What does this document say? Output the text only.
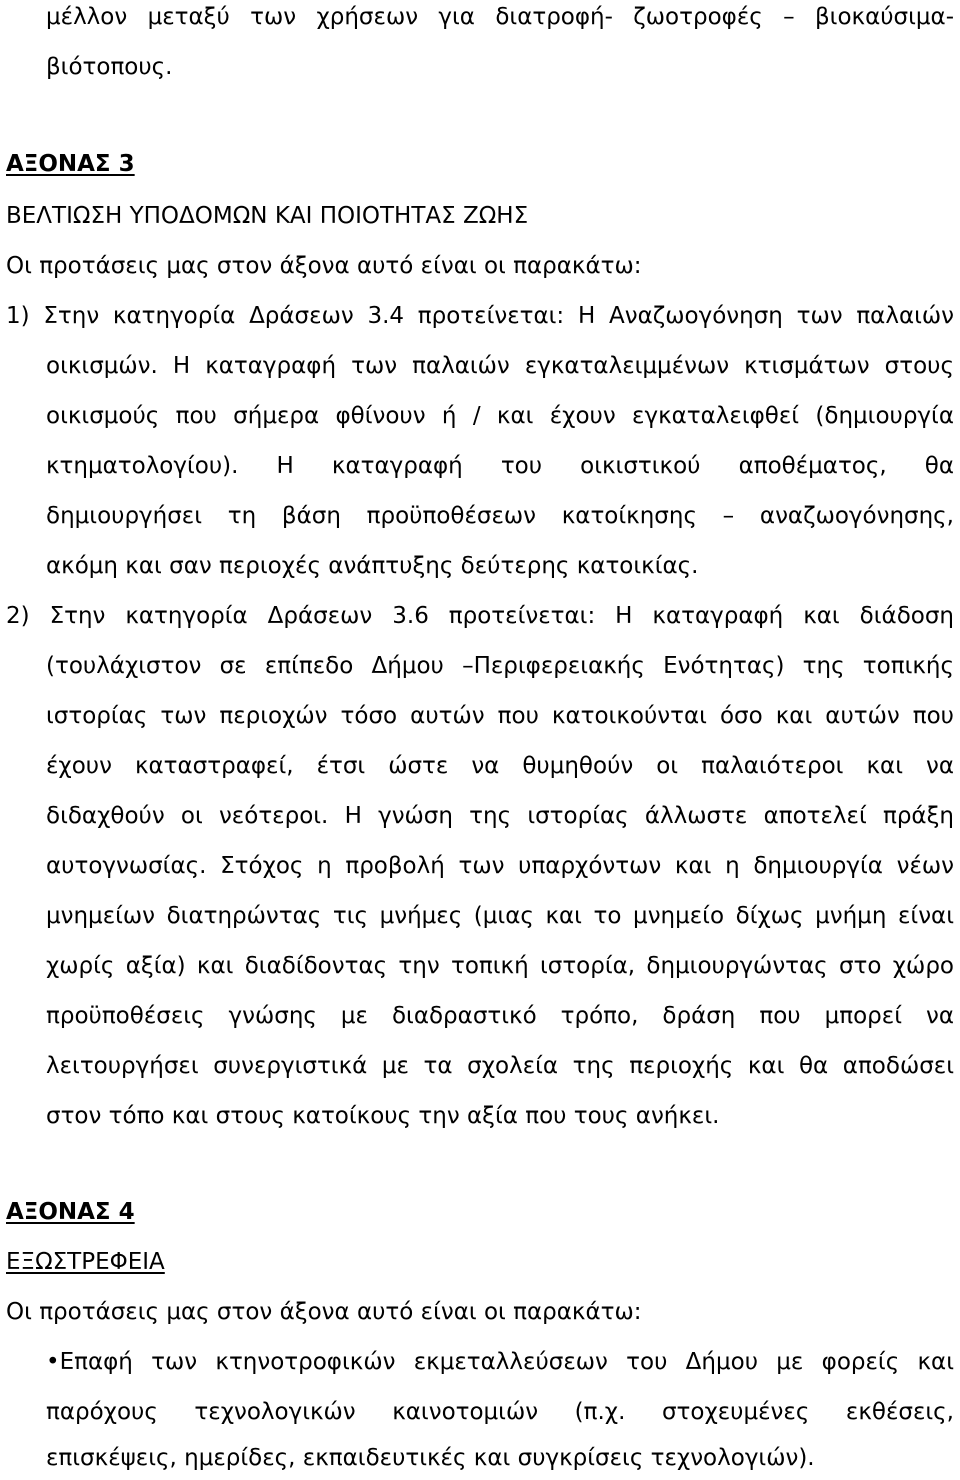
μέλλον μεταξύ των χρήσεων για διατροφή- ζωοτροφές – βιοκαύσιμα-
βιότοπους.
ΑΞΟΝΑΣ 3
ΒΕΛΤΙΩΣΗ ΥΠΟΔΟΜΩΝ ΚΑΙ ΠΟΙΟΤΗΤΑΣ ΖΩΗΣ
Οι προτάσεις μας στον άξονα αυτό είναι οι παρακάτω:
1) Στην κατηγορία Δράσεων 3.4 προτείνεται: Η Αναζωογόνηση των παλαιών
οικισμών. Η καταγραφή των παλαιών εγκαταλειμμένων κτισμάτων στους
οικισμούς που σήμερα φθίνουν ή / και έχουν εγκαταλειφθεί (δημιουργία
κτηματολογίου). Η καταγραφή του οικιστικού αποθέματος, θα
δημιουργήσει τη βάση προϋποθέσεων κατοίκησης – αναζωογόνησης,
ακόμη και σαν περιοχές ανάπτυξης δεύτερης κατοικίας.
2) Στην κατηγορία Δράσεων 3.6 προτείνεται: Η καταγραφή και διάδοση
(τουλάχιστον σε επίπεδο Δήμου –Περιφερειακής Ενότητας) της τοπικής
ιστορίας των περιοχών τόσο αυτών που κατοικούνται όσο και αυτών που
έχουν καταστραφεί, έτσι ώστε να θυμηθούν οι παλαιότεροι και να
διδαχθούν οι νεότεροι. Η γνώση της ιστορίας άλλωστε αποτελεί πράξη
αυτογνωσίας. Στόχος η προβολή των υπαρχόντων και η δημιουργία νέων
μνημείων διατηρώντας τις μνήμες (μιας και το μνημείο δίχως μνήμη είναι
χωρίς αξία) και διαδίδοντας την τοπική ιστορία, δημιουργώντας στο χώρο
προϋποθέσεις γνώσης με διαδραστικό τρόπο, δράση που μπορεί να
λειτουργήσει συνεργιστικά με τα σχολεία της περιοχής και θα αποδώσει
στον τόπο και στους κατοίκους την αξία που τους ανήκει.
ΑΞΟΝΑΣ 4
ΕΞΩΣΤΡΕΦΕΙΑ
Οι προτάσεις μας στον άξονα αυτό είναι οι παρακάτω:
•Επαφή των κτηνοτροφικών εκμεταλλεύσεων του Δήμου με φορείς και
παρόχους τεχνολογικών καινοτομιών (π.χ. στοχευμένες εκθέσεις,
επισκέψεις, ημερίδες, εκπαιδευτικές και συγκρίσεις τεχνολογιών).
